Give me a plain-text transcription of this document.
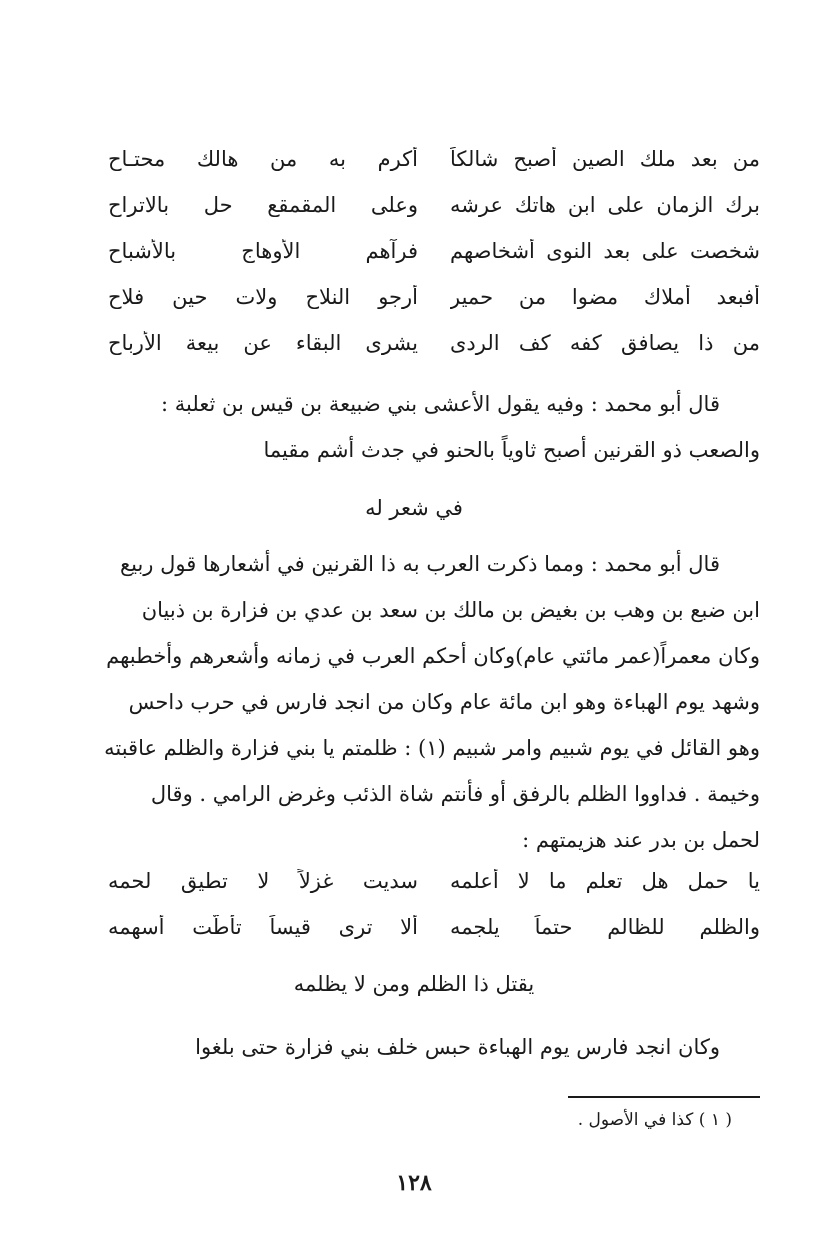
من بعد ملك الصين أصبح شالكاً
أكرم به من هالك محتـاح
برك الزمان على ابن هاتك عرشه
وعلى المقمقع حل بالاتراح
شخصت على بعد النوى أشخاصهم
فرآهم الأوهاج بالأشباح
أفبعد أملاك مضوا من حمير
أرجو النلاح ولات حين فلاح
من ذا يصافق كفه كف الردى
يشرى البقاء عن بيعة الأرباح
قال أبو محمد : وفيه يقول الأعشى بني ضبيعة بن قيس بن ثعلبة :
والصعب ذو القرنين أصبح ثاوياً بالحنو في جدث أشم مقيما
في شعر له
قال أبو محمد : ومما ذكرت العرب به ذا القرنين في أشعارها قول ربيع
ابن ضبع بن وهب بن بغيض بن مالك بن سعد بن عدي بن فزارة بن ذبيان
وكان معمراً(عمر مائتي عام)وكان أحكم العرب في زمانه وأشعرهم وأخطبهم
وشهد يوم الهباءة وهو ابن مائة عام وكان من انجد فارس في حرب داحس
وهو القائل في يوم شبيم وامر شبيم (١) : ظلمتم يا بني فزارة والظلم عاقبته
وخيمة . فداووا الظلم بالرفق أو فأنتم شاة الذئب وغرض الرامي . وقال
لحمل بن بدر عند هزيمتهم :
يا حمل هل تعلم ما لا أعلمه
سديت غزلاً لا تطيق لحمه
والظلم للظالم حتماً يلجمه
ألا ترى قيساً تأطّت أسهمه
يقتل ذا الظلم ومن لا يظلمه
وكان انجد فارس يوم الهباءة حبس خلف بني فزارة حتى بلغوا
( ١ ) كذا في الأصول .
١٢٨
